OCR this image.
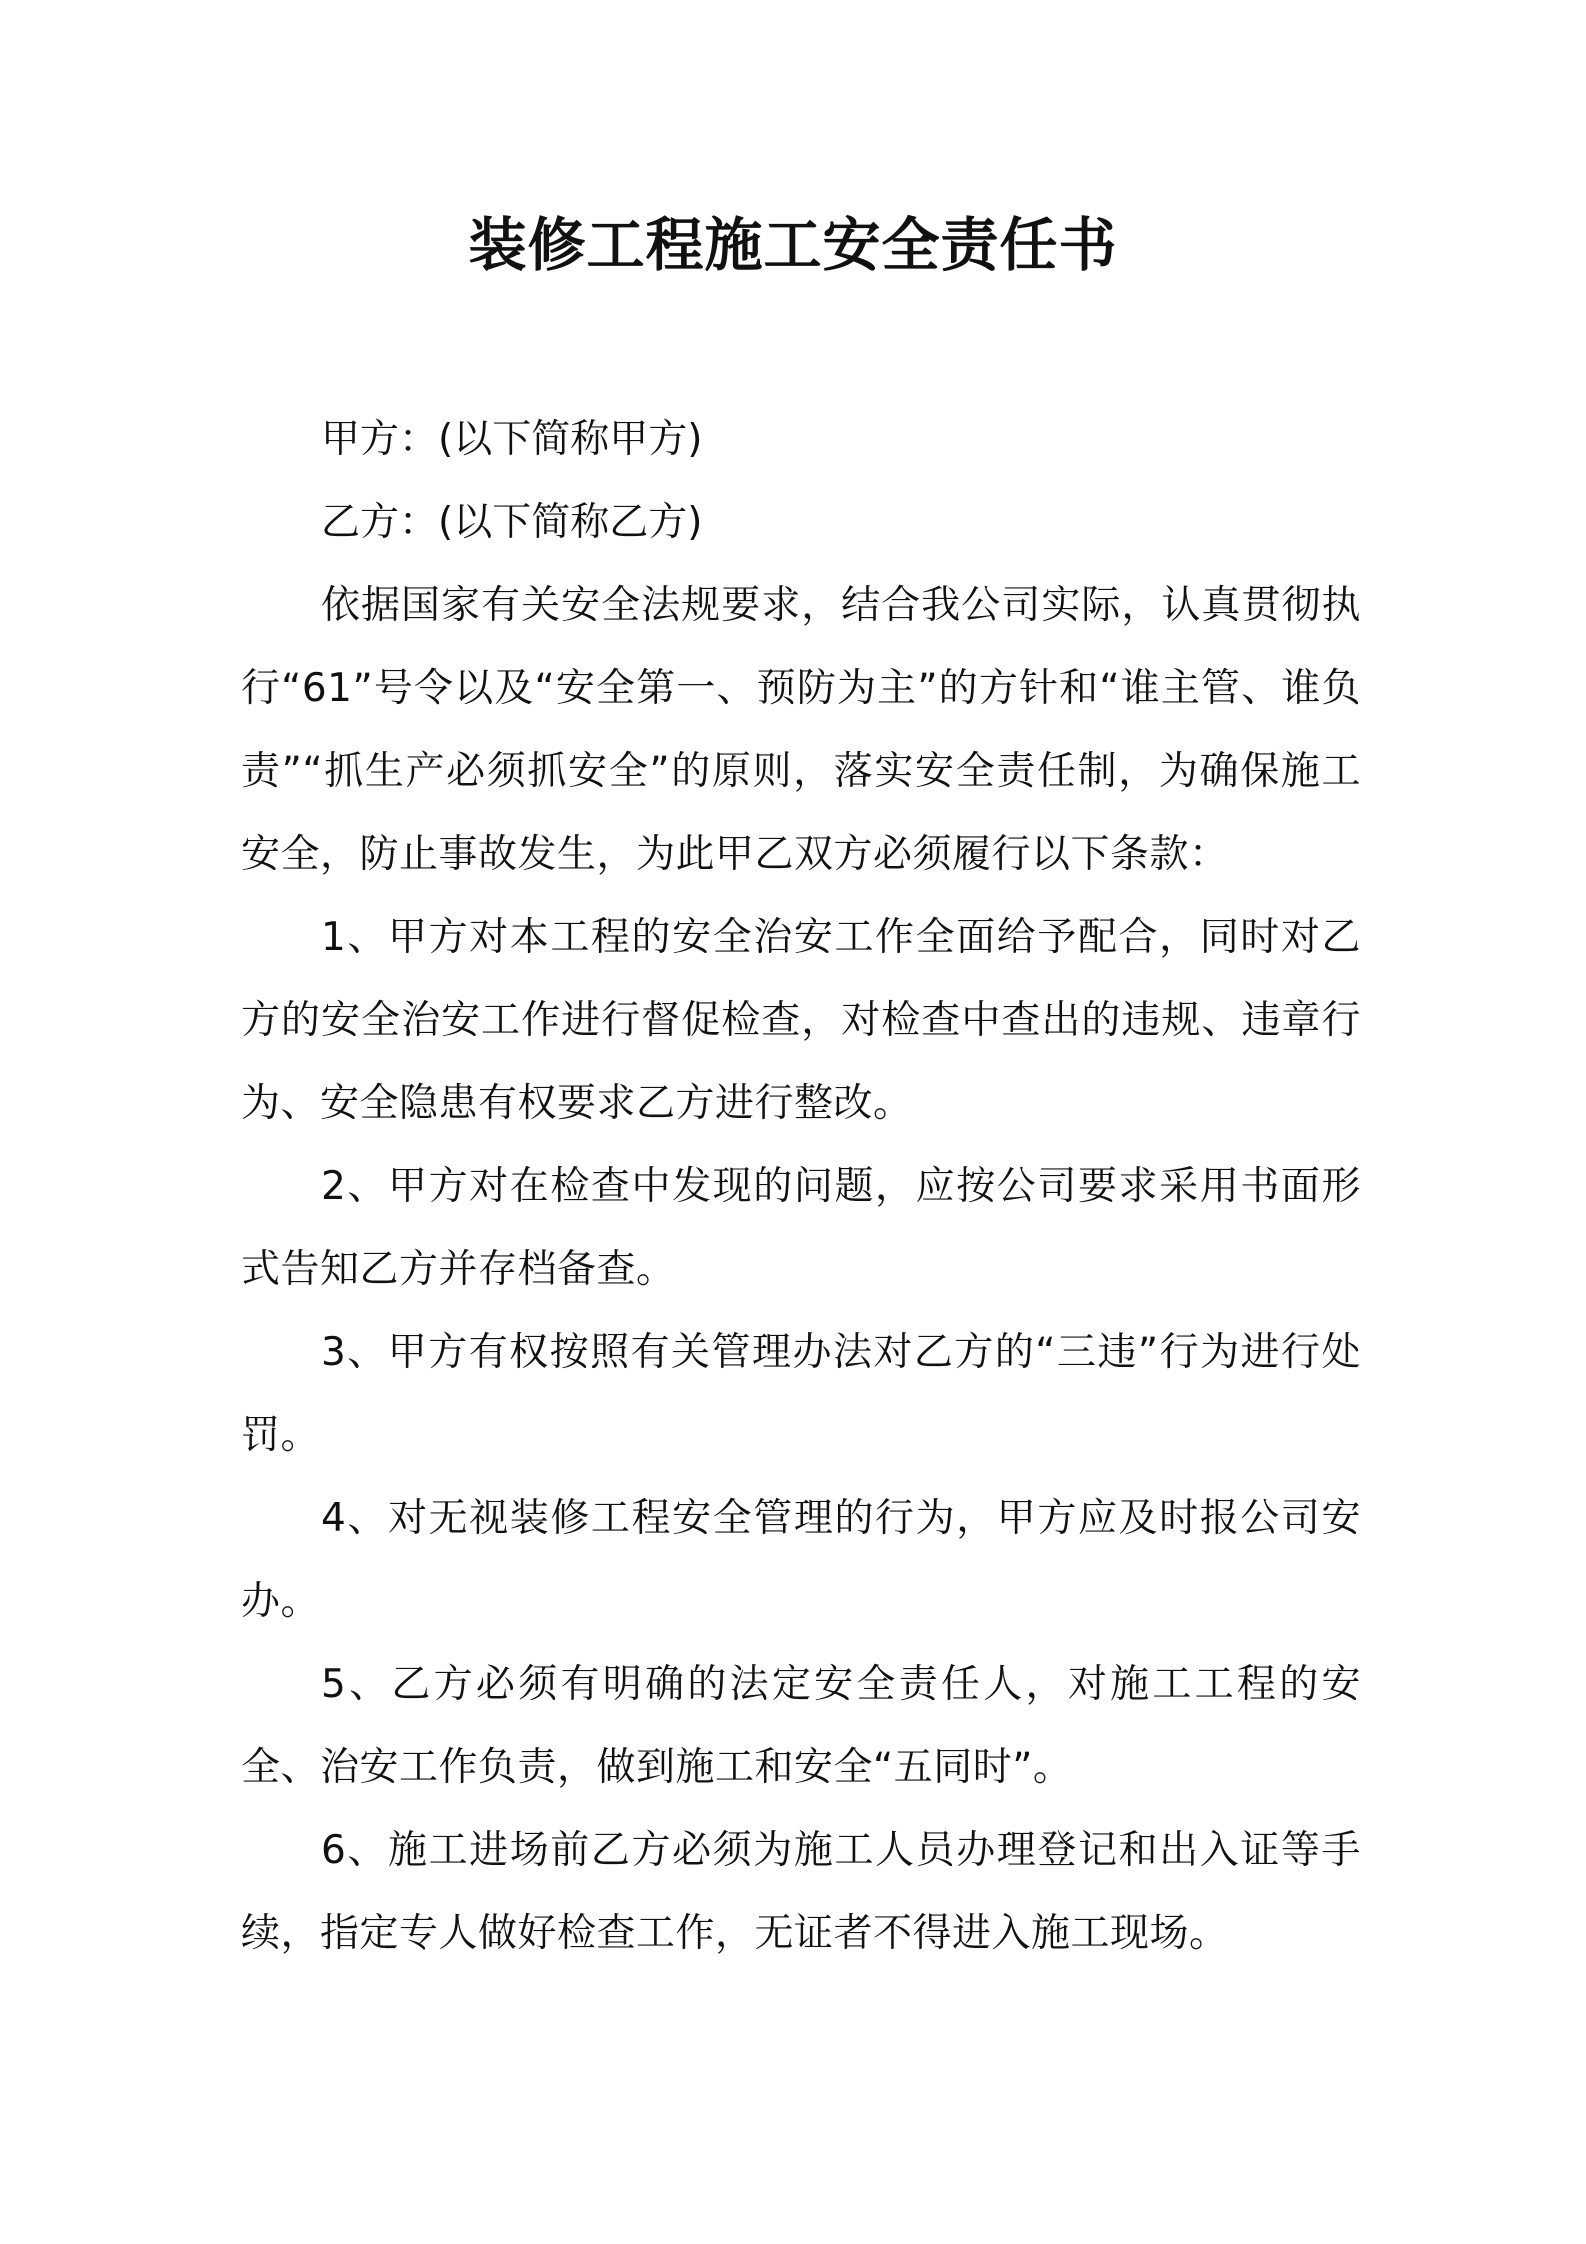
装修工程施工安全责任书

甲方：(以下简称甲方)

乙方：(以下简称乙方)

依据国家有关安全法规要求，结合我公司实际，认真贯彻执行“61”号令以及“安全第一、预防为主”的方针和“谁主管、谁负责”“抓生产必须抓安全”的原则，落实安全责任制，为确保施工安全，防止事故发生，为此甲乙双方必须履行以下条款：

1、甲方对本工程的安全治安工作全面给予配合，同时对乙方的安全治安工作进行督促检查，对检查中查出的违规、违章行为、安全隐患有权要求乙方进行整改。

2、甲方对在检查中发现的问题，应按公司要求采用书面形式告知乙方并存档备查。

3、甲方有权按照有关管理办法对乙方的“三违”行为进行处罚。

4、对无视装修工程安全管理的行为，甲方应及时报公司安办。

5、乙方必须有明确的法定安全责任人，对施工工程的安全、治安工作负责，做到施工和安全“五同时”。

6、施工进场前乙方必须为施工人员办理登记和出入证等手续，指定专人做好检查工作，无证者不得进入施工现场。
